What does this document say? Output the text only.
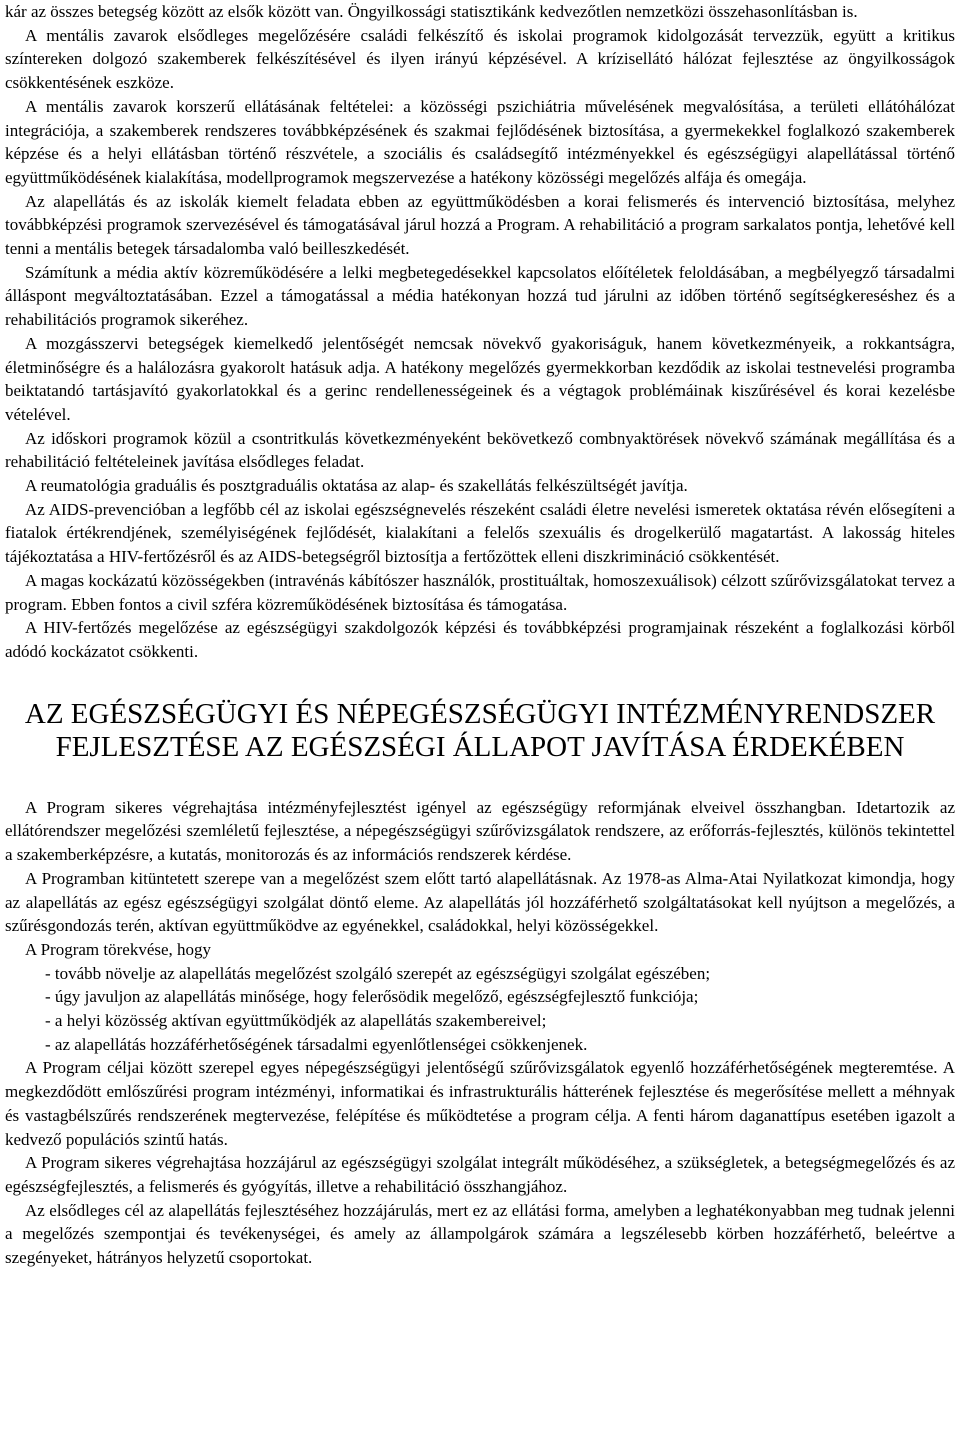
kár az összes betegség között az elsők között van. Öngyilkossági statisztikánk kedvezőtlen nemzetközi összehasonlításban is.

A mentális zavarok elsődleges megelőzésére családi felkészítő és iskolai programok kidolgozását tervezzük, együtt a kritikus színtereken dolgozó szakemberek felkészítésével és ilyen irányú képzésével. A krízisellátó hálózat fejlesztése az öngyilkosságok csökkentésének eszköze.

A mentális zavarok korszerű ellátásának feltételei: a közösségi pszichiátria művelésének megvalósítása, a területi ellátóhálózat integrációja, a szakemberek rendszeres továbbképzésének és szakmai fejlődésének biztosítása, a gyermekekkel foglalkozó szakemberek képzése és a helyi ellátásban történő részvétele, a szociális és családsegítő intézményekkel és egészségügyi alapellátással történő együttműködésének kialakítása, modellprogramok megszervezése a hatékony közösségi megelőzés alfája és omegája.

Az alapellátás és az iskolák kiemelt feladata ebben az együttműködésben a korai felismerés és intervenció biztosítása, melyhez továbbképzési programok szervezésével és támogatásával járul hozzá a Program. A rehabilitáció a program sarkalatos pontja, lehetővé kell tenni a mentális betegek társadalomba való beilleszkedését.

Számítunk a média aktív közreműködésére a lelki megbetegedésekkel kapcsolatos előítéletek feloldásában, a megbélyegző társadalmi álláspont megváltoztatásában. Ezzel a támogatással a média hatékonyan hozzá tud járulni az időben történő segítségkereséshez és a rehabilitációs programok sikeréhez.

A mozgásszervi betegségek kiemelkedő jelentőségét nemcsak növekvő gyakoriságuk, hanem következményeik, a rokkantságra, életminőségre és a halálozásra gyakorolt hatásuk adja. A hatékony megelőzés gyermekkorban kezdődik az iskolai testnevelési programba beiktatandó tartásjavító gyakorlatokkal és a gerinc rendellenességeinek és a végtagok problémáinak kiszűrésével és korai kezelésbe vételével.

Az időskori programok közül a csontritkulás következményeként bekövetkező combnyaktörések növekvő számának megállítása és a rehabilitáció feltételeinek javítása elsődleges feladat.

A reumatológia graduális és posztgraduális oktatása az alap- és szakellátás felkészültségét javítja.

Az AIDS-prevencióban a legfőbb cél az iskolai egészségnevelés részeként családi életre nevelési ismeretek oktatása révén elősegíteni a fiatalok értékrendjének, személyiségének fejlődését, kialakítani a felelős szexuális és drogelkerülő magatartást. A lakosság hiteles tájékoztatása a HIV-fertőzésről és az AIDS-betegségről biztosítja a fertőzöttek elleni diszkrimináció csökkentését.

A magas kockázatú közösségekben (intravénás kábítószer használók, prostituáltak, homoszexuálisok) célzott szűrővizsgálatokat tervez a program. Ebben fontos a civil szféra közreműködésének biztosítása és támogatása.

A HIV-fertőzés megelőzése az egészségügyi szakdolgozók képzési és továbbképzési programjainak részeként a foglalkozási körből adódó kockázatot csökkenti.

AZ EGÉSZSÉGÜGYI ÉS NÉPEGÉSZSÉGÜGYI INTÉZMÉNYRENDSZER
FEJLESZTÉSE AZ EGÉSZSÉGI ÁLLAPOT JAVÍTÁSA ÉRDEKÉBEN

A Program sikeres végrehajtása intézményfejlesztést igényel az egészségügy reformjának elveivel összhangban. Idetartozik az ellátórendszer megelőzési szemléletű fejlesztése, a népegészségügyi szűrővizsgálatok rendszere, az erőforrás-fejlesztés, különös tekintettel a szakemberképzésre, a kutatás, monitorozás és az információs rendszerek kérdése.

A Programban kitüntetett szerepe van a megelőzést szem előtt tartó alapellátásnak. Az 1978-as Alma-Atai Nyilatkozat kimondja, hogy az alapellátás az egész egészségügyi szolgálat döntő eleme. Az alapellátás jól hozzáférhető szolgáltatásokat kell nyújtson a megelőzés, a szűrésgondozás terén, aktívan együttműködve az egyénekkel, családokkal, helyi közösségekkel.

A Program törekvése, hogy

- tovább növelje az alapellátás megelőzést szolgáló szerepét az egészségügyi szolgálat egészében;

- úgy javuljon az alapellátás minősége, hogy felerősödik megelőző, egészségfejlesztő funkciója;

- a helyi közösség aktívan együttműködjék az alapellátás szakembereivel;

- az alapellátás hozzáférhetőségének társadalmi egyenlőtlenségei csökkenjenek.

A Program céljai között szerepel egyes népegészségügyi jelentőségű szűrővizsgálatok egyenlő hozzáférhetőségének megteremtése. A megkezdődött emlőszűrési program intézményi, informatikai és infrastrukturális hátterének fejlesztése és megerősítése mellett a méhnyak és vastagbélszűrés rendszerének megtervezése, felépítése és működtetése a program célja. A fenti három daganattípus esetében igazolt a kedvező populációs szintű hatás.

A Program sikeres végrehajtása hozzájárul az egészségügyi szolgálat integrált működéséhez, a szükségletek, a betegségmegelőzés és az egészségfejlesztés, a felismerés és gyógyítás, illetve a rehabilitáció összhangjához.

Az elsődleges cél az alapellátás fejlesztéséhez hozzájárulás, mert ez az ellátási forma, amelyben a leghatékonyabban meg tudnak jelenni a megelőzés szempontjai és tevékenységei, és amely az állampolgárok számára a legszélesebb körben hozzáférhető, beleértve a szegényeket, hátrányos helyzetű csoportokat.
